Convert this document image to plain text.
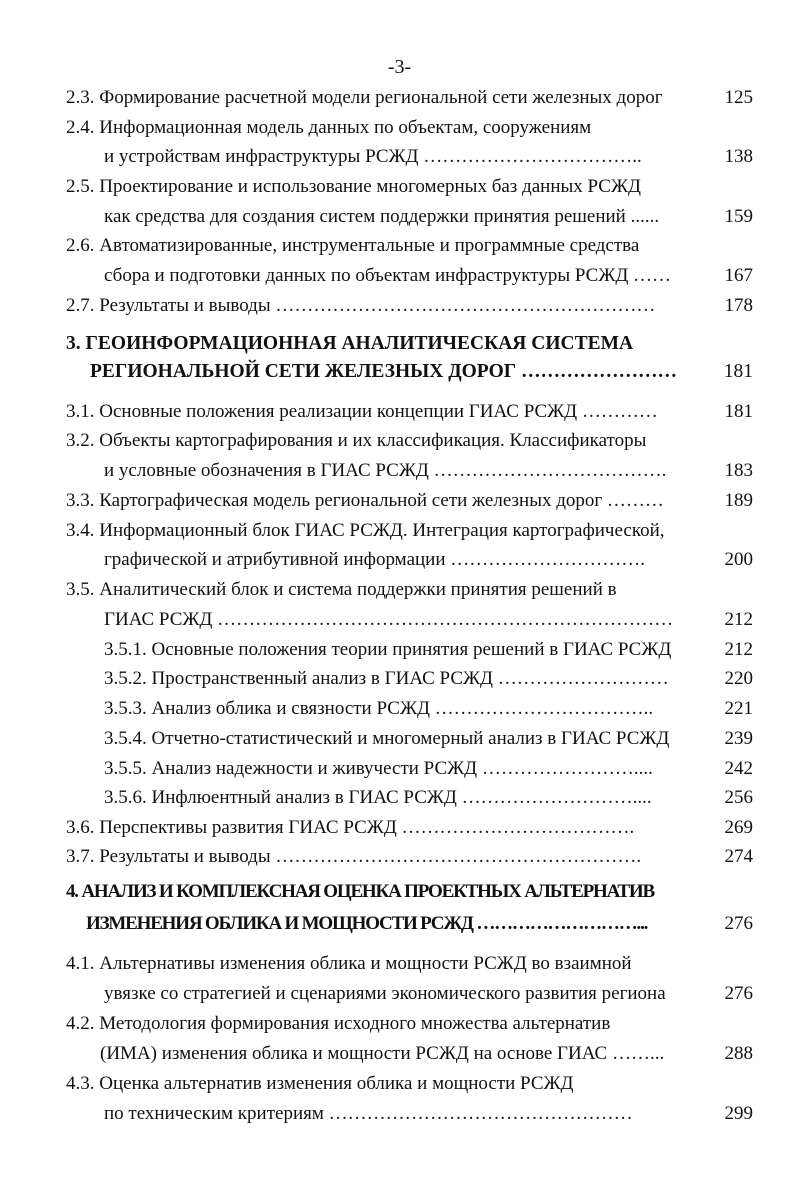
-3-
2.3. Формирование расчетной модели региональной сети железных дорог	125
2.4. Информационная модель данных по объектам, сооружениям
и устройствам инфраструктуры РСЖД ……………………………..	138
2.5. Проектирование и использование многомерных баз данных РСЖД
как средства для создания систем поддержки принятия решений ......	159
2.6. Автоматизированные, инструментальные и программные средства
сбора и подготовки данных по объектам инфраструктуры РСЖД ……	167
2.7. Результаты и выводы ……………………………………………………	178
3. ГЕОИНФОРМАЦИОННАЯ АНАЛИТИЧЕСКАЯ СИСТЕМА
РЕГИОНАЛЬНОЙ СЕТИ ЖЕЛЕЗНЫХ ДОРОГ …………………… 181
3.1. Основные положения реализации концепции ГИАС РСЖД …………	181
3.2. Объекты картографирования и их классификация. Классификаторы
и условные обозначения в ГИАС РСЖД ……………………………….	183
3.3. Картографическая модель региональной сети железных дорог ………	189
3.4. Информационный блок ГИАС РСЖД. Интеграция картографической,
графической и атрибутивной информации ………………………….	200
3.5. Аналитический блок и система поддержки принятия решений в
ГИАС РСЖД ………………………………………………………………	212
3.5.1. Основные положения теории принятия решений в ГИАС РСЖД	212
3.5.2. Пространственный анализ в ГИАС РСЖД ………………………	220
3.5.3. Анализ облика и связности РСЖД ……………………………..	221
3.5.4. Отчетно-статистический и многомерный анализ в ГИАС РСЖД	239
3.5.5. Анализ надежности и живучести РСЖД ……………………....	242
3.5.6. Инфлюентный анализ в ГИАС РСЖД ………………………....	256
3.6. Перспективы развития ГИАС РСЖД ……………………………….	269
3.7. Результаты и выводы ………………………………………………….	274
4. АНАЛИЗ И КОМПЛЕКСНАЯ ОЦЕНКА ПРОЕКТНЫХ АЛЬТЕРНАТИВ
ИЗМЕНЕНИЯ ОБЛИКА И МОЩНОСТИ РСЖД ………………………...	276
4.1. Альтернативы изменения облика и мощности РСЖД во взаимной
увязке со стратегией и сценариями экономического развития региона	276
4.2. Методология формирования исходного множества альтернатив
(ИМА) изменения облика и мощности РСЖД на основе ГИАС ……...	288
4.3. Оценка альтернатив изменения облика и мощности РСЖД
по техническим критериям …………………………………………	299
